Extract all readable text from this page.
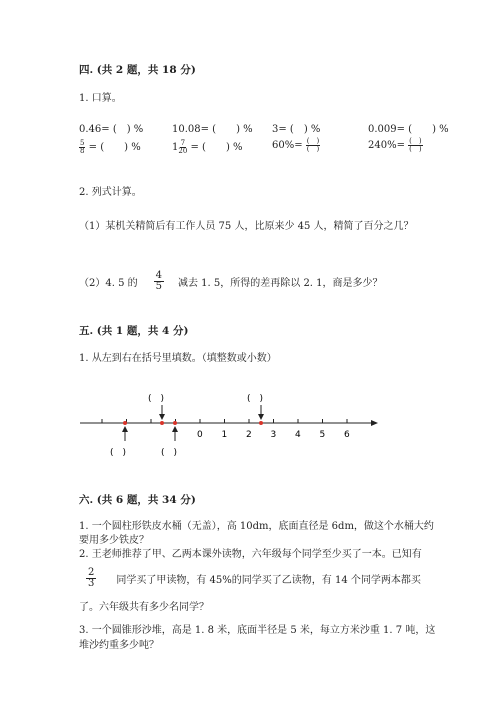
四. (共 2 题，共 18 分)
1. 口算。
0.46= (　) %	10.08= (　　) % 3= (　) %	0.009= (　　) %
$\frac{5}{8}$ = (　　) %	$1 \frac{7}{20}$ = (　　) %	$60\%= \frac{( )}{( )}$	$240\%= \frac{( )}{( )}$
2. 列式计算。
（1）某机关精简后有工作人员 75 人，比原来少 45 人，精简了百分之几？
（2）4. 5 的 $\frac{4}{5}$ 减去 1. 5，所得的差再除以 2. 1，商是多少？
五. (共 1 题，共 4 分)
1. 从左到右在括号里填数。（填整数或小数）
0 1 2 3 4 5 6
(　)	(　)
(　)	(　)
六. (共 6 题，共 34 分)
1. 一个圆柱形铁皮水桶（无盖），高 10dm，底面直径是 6dm，做这个水桶大约
要用多少铁皮？
2. 王老师推荐了甲、乙两本课外读物，六年级每个同学至少买了一本。已知有
$\frac{2}{3}$ 同学买了甲读物，有 45%的同学买了乙读物，有 14 个同学两本都买
了。六年级共有多少名同学？
3. 一个圆锥形沙堆，高是 1. 8 米，底面半径是 5 米，每立方米沙重 1. 7 吨，这
堆沙约重多少吨？
